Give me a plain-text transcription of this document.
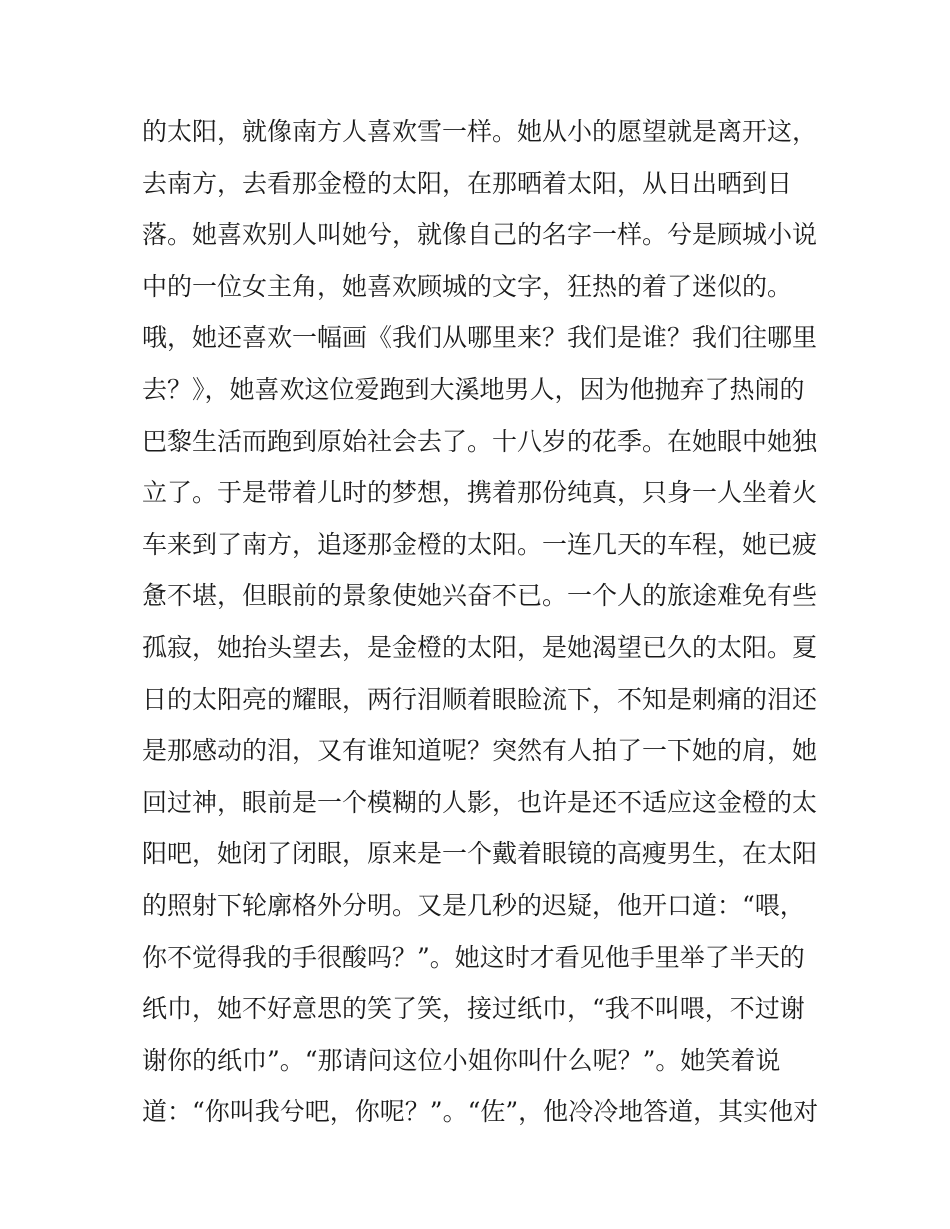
的太阳，就像南方人喜欢雪一样。她从小的愿望就是离开这，
去南方，去看那金橙的太阳，在那晒着太阳，从日出晒到日
落。她喜欢别人叫她兮，就像自己的名字一样。兮是顾城小说
中的一位女主角，她喜欢顾城的文字，狂热的着了迷似的。
哦，她还喜欢一幅画《我们从哪里来？我们是谁？我们往哪里
去？》，她喜欢这位爱跑到大溪地男人，因为他抛弃了热闹的
巴黎生活而跑到原始社会去了。十八岁的花季。在她眼中她独
立了。于是带着儿时的梦想，携着那份纯真，只身一人坐着火
车来到了南方，追逐那金橙的太阳。一连几天的车程，她已疲
惫不堪，但眼前的景象使她兴奋不已。一个人的旅途难免有些
孤寂，她抬头望去，是金橙的太阳，是她渴望已久的太阳。夏
日的太阳亮的耀眼，两行泪顺着眼睑流下，不知是刺痛的泪还
是那感动的泪，又有谁知道呢？突然有人拍了一下她的肩，她
回过神，眼前是一个模糊的人影，也许是还不适应这金橙的太
阳吧，她闭了闭眼，原来是一个戴着眼镜的高瘦男生，在太阳
的照射下轮廓格外分明。又是几秒的迟疑，他开口道：“喂，
你不觉得我的手很酸吗？”。她这时才看见他手里举了半天的
纸巾，她不好意思的笑了笑，接过纸巾，“我不叫喂，不过谢
谢你的纸巾”。“那请问这位小姐你叫什么呢？”。她笑着说
道：“你叫我兮吧，你呢？”。“佐”，他冷冷地答道，其实他对
